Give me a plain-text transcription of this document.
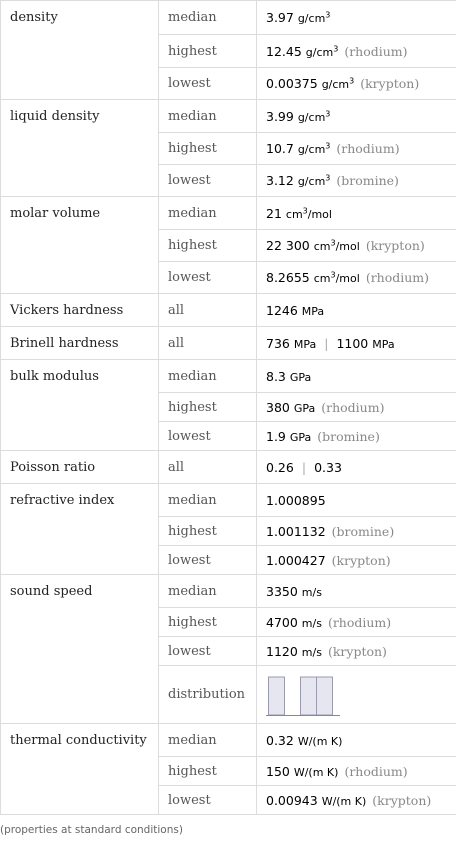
density	median	3.97 $g/cm^3$
	highest	12.45 $g/cm^3$ (rhodium)
	lowest	0.00375 $g/cm^3$ (krypton)
liquid density	median	3.99 $g/cm^3$
	highest	10.7 $g/cm^3$ (rhodium)
	lowest	3.12 $g/cm^3$ (bromine)
molar volume	median	21 $cm^3$/mol
	highest	22 300 $cm^3$/mol (krypton)
	lowest	8.2655 $cm^3$/mol (rhodium)
Vickers hardness	all	1246 MPa
Brinell hardness	all	736 MPa | 1100 MPa
bulk modulus	median	8.3 GPa
	highest	380 GPa (rhodium)
	lowest	1.9 GPa (bromine)
Poisson ratio	all	0.26 | 0.33
refractive index	median	1.000895
	highest	1.001132 (bromine)
	lowest	1.000427 (krypton)
sound speed	median	3350 m/s
	highest	4700 m/s (rhodium)
	lowest	1120 m/s (krypton)
	distribution	

thermal conductivity	median	0.32 W/(m K)
	highest	150 W/(m K) (rhodium)
	lowest	0.00943 W/(m K) (krypton)
(properties at standard conditions)
